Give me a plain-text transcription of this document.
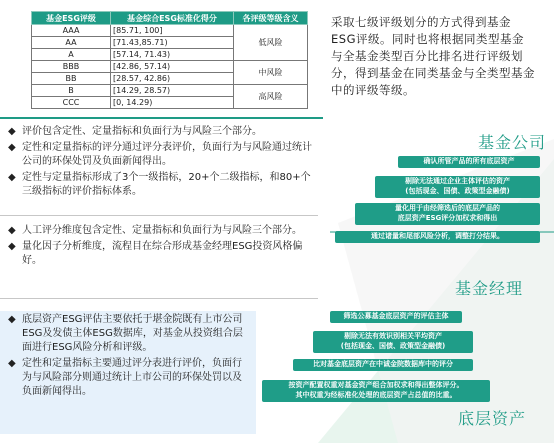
基金ESG评级	基金综合ESG标准化得分	各评级等级含义
AAA	[85.71, 100]	低风险
AA	[71.43,85.71)	
A	[57.14, 71.43)	
BBB	[42.86, 57.14)	中风险
BB	[28.57, 42.86)	
B	[14.29, 28.57)	高风险
CCC	[0, 14.29)	
采取七级评级划分的方式得到基金ESG评级。同时也将根据同类型基金与全基金类型百分比排名进行评级划分，得到基金在同类基金与全类型基金中的评级等级。
基金公司
基金经理
底层资产
确认所管产品的所有底层资产
剔除无法通过企业主体评估的资产
(包括现金、国债、政策型金融债)
量化用于由经筛选后的底层产品的
底层资产ESG评分加权求和得出
通过诸量和尾部风险分析，调整打分结果。
筛选公募基金底层资产的评估主体
剔除无法有效识别相关平均资产
(包括现金、国债、政策型金融债)
比对基金底层资产在中诚金院数据库中的评分
按资产配置权重对基金资产组合加权求和得出整体评分。
其中权重为经标准化处理的底层资产占总值的比重。
◆ 评价包含定性、定量指标和负面行为与风险三个部分。
◆ 定性和定量指标的评分通过评分表评价，负面行为与风险通过统计公司的环保处罚及负面新闻得出。
◆ 定性与定量指标形成了3个一级指标，20+个二级指标，和80+个三级指标的评价指标体系。
◆ 人工评分维度包含定性、定量指标和负面行为与风险三个部分。
◆ 量化因子分析维度，流程目在综合形成基金经理ESG投资风格偏好。
◆ 底层资产ESG评估主要依托于堪金院既有上市公司ESG及发债主体ESG数据库，对基金从投资组合层面进行ESG风险分析和评级。
◆ 定性和定量指标主要通过评分表进行评价，负面行为与风险部分则通过统计上市公司的环保处罚以及负面新闻得出。
